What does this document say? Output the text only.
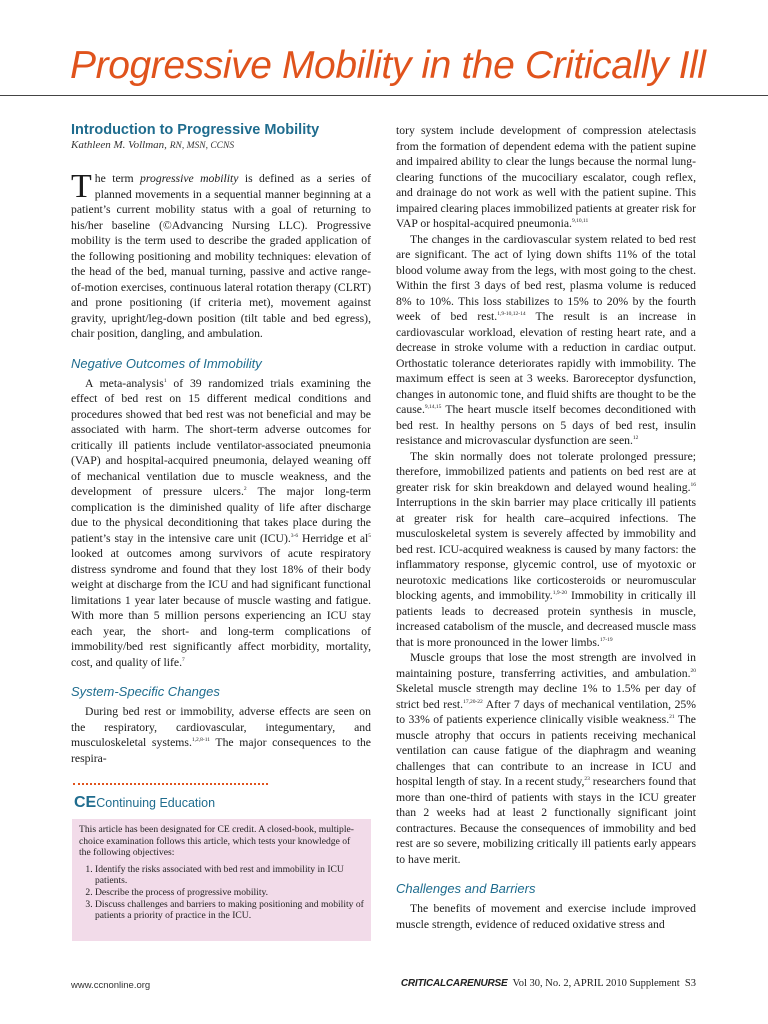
Progressive Mobility in the Critically Ill
Introduction to Progressive Mobility
Kathleen M. Vollman, RN, MSN, CCNS

The term progressive mobility is defined as a series of planned movements in a sequential manner beginning at a patient’s current mobility status with a goal of returning to his/her baseline (©Advancing Nursing LLC). Progressive mobility is the term used to describe the graded application of the following positioning and mobility techniques: elevation of the head of the bed, manual turning, passive and active range-of-motion exercises, continuous lateral rotation therapy (CLRT) and prone positioning (if criteria met), movement against gravity, upright/leg-down position (tilt table and bed egress), chair position, dangling, and ambulation.

Negative Outcomes of Immobility

A meta-analysis$^1$ of 39 randomized trials examining the effect of bed rest on 15 different medical conditions and procedures showed that bed rest was not beneficial and may be associated with harm. The short-term adverse outcomes for critically ill patients include ventilator-associated pneumonia (VAP) and hospital-acquired pneumonia, delayed weaning off of mechanical ventilation due to muscle weakness, and the development of pressure ulcers.$^2$ The major long-term complication is the diminished quality of life after discharge due to the physical deconditioning that takes place during the patient’s stay in the intensive care unit (ICU).$^{3-6}$ Herridge et $al^5$ looked at outcomes among survivors of acute respiratory distress syndrome and found that they lost 18% of their body weight at discharge from the ICU and had significant functional limitations 1 year later because of muscle wasting and fatigue. With more than 5 million persons experiencing an ICU stay each year, the short- and long-term complications of immobility/bed rest significantly affect morbidity, mortality, cost, and quality of life.$^7$

System-Specific Changes

During bed rest or immobility, adverse effects are seen on the respiratory, cardiovascular, integumentary, and musculoskeletal systems.$^{1,2,8-11}$ The major consequences to the respira-

CEContinuing Education

This article has been designated for CE credit. A closed-book, multiple-choice examination follows this article, which tests your knowledge of the following objectives:

1. Identify the risks associated with bed rest and immobility in ICU patients.
2. Describe the process of progressive mobility.
3. Discuss challenges and barriers to making positioning and mobility of patients a priority of practice in the ICU.

tory system include development of compression atelectasis from the formation of dependent edema with the patient supine and impaired ability to clear the lungs because the normal lung-clearing functions of the mucociliary escalator, cough reflex, and drainage do not work as well with the patient supine. This impaired clearing places immobilized patients at greater risk for VAP or hospital-acquired pneumonia.$^{9,10,11}$

The changes in the cardiovascular system related to bed rest are significant. The act of lying down shifts 11% of the total blood volume away from the legs, with most going to the chest. Within the first 3 days of bed rest, plasma volume is reduced 8% to 10%. This loss stabilizes to 15% to 20% by the fourth week of bed rest.$^{1,9-10,12-14}$ The result is an increase in cardiovascular workload, elevation of resting heart rate, and a decrease in stroke volume with a reduction in cardiac output. Orthostatic tolerance deteriorates rapidly with immobility. The maximum effect is seen at 3 weeks. Baroreceptor dysfunction, changes in autonomic tone, and fluid shifts are thought to be the cause.$^{9,14,15}$ The heart muscle itself becomes deconditioned with bed rest. In healthy persons on 5 days of bed rest, insulin resistance and microvascular dysfunction are seen.$^{12}$

The skin normally does not tolerate prolonged pressure; therefore, immobilized patients and patients on bed rest are at greater risk for skin breakdown and delayed wound healing.$^{16}$ Interruptions in the skin barrier may place critically ill patients at greater risk for health care–acquired infections. The musculoskeletal system is severely affected by immobility and bed rest. ICU-acquired weakness is caused by many factors: the inflammatory response, glycemic control, use of myotoxic or neurotoxic medications like corticosteroids or neuromuscular blocking agents, and immobility.$^{1,9-20}$ Immobility in critically ill patients leads to decreased protein synthesis in muscle, increased catabolism of the muscle, and decreased muscle mass that is more pronounced in the lower limbs.$^{17-19}$

Muscle groups that lose the most strength are involved in maintaining posture, transferring activities, and ambulation.$^{20}$ Skeletal muscle strength may decline 1% to 1.5% per day of strict bed rest.$^{17,20-22}$ After 7 days of mechanical ventilation, 25% to 33% of patients experience clinically visible weakness.$^{21}$ The muscle atrophy that occurs in patients receiving mechanical ventilation can cause fatigue of the diaphragm and weaning challenges that can contribute to an increase in ICU and hospital length of stay. In a recent study,$^{23}$ researchers found that more than one-third of patients with stays in the ICU greater than 2 weeks had at least 2 functionally significant joint contractures. Because the consequences of immobility and bed rest are so severe, mobilizing critically ill patients early appears to have merit.

Challenges and Barriers

The benefits of movement and exercise include improved muscle strength, evidence of reduced oxidative stress and

www.ccnonline.org	CRITICALCARENURSE Vol 30, No. 2, APRIL 2010 Supplement S3
